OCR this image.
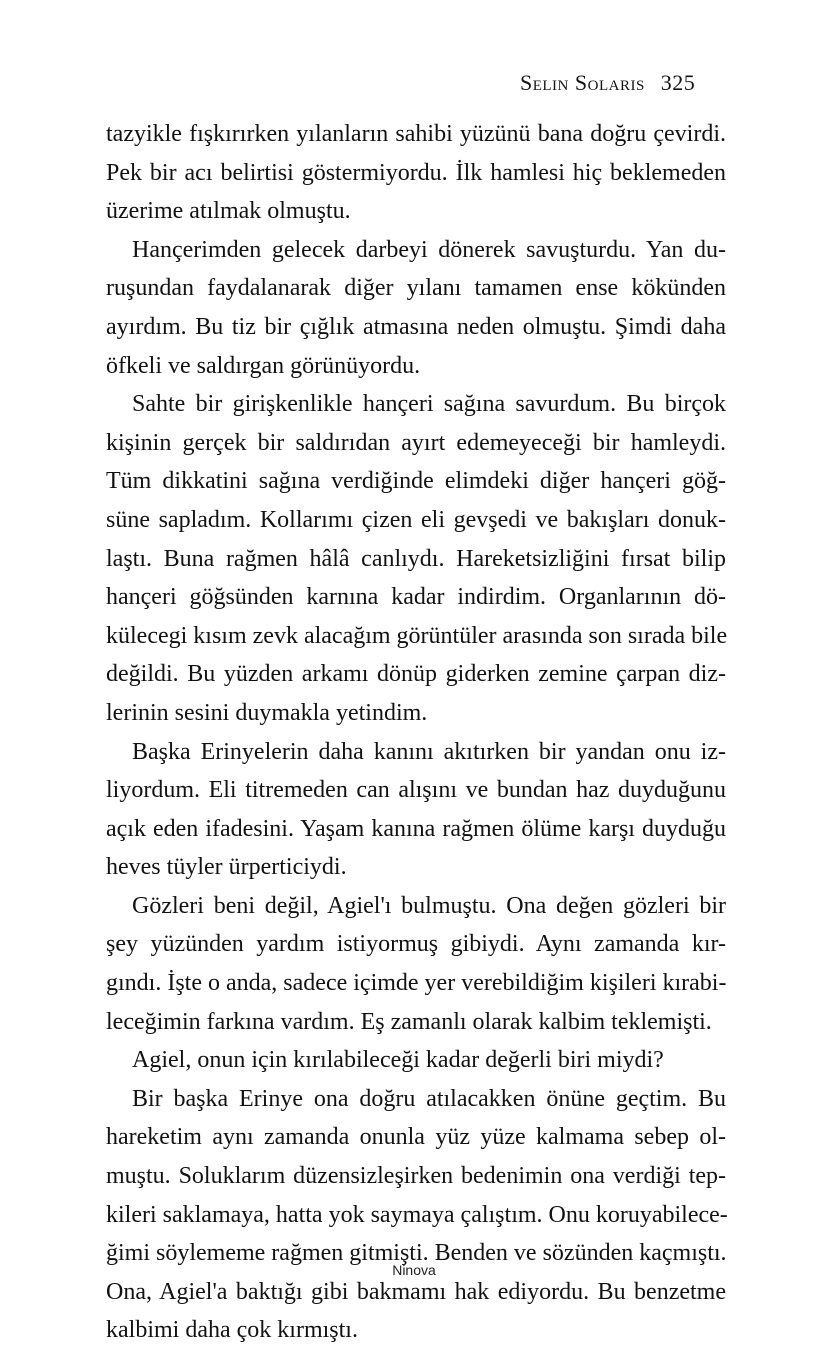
Selin Solaris 325
tazyikle fışkırırken yılanların sahibi yüzünü bana doğru çevirdi.
Pek bir acı belirtisi göstermiyordu. İlk hamlesi hiç beklemeden
üzerime atılmak olmuştu.
Hançerimden gelecek darbeyi dönerek savuşturdu. Yan du-
ruşundan faydalanarak diğer yılanı tamamen ense kökünden
ayırdım. Bu tiz bir çığlık atmasına neden olmuştu. Şimdi daha
öfkeli ve saldırgan görünüyordu.
Sahte bir girişkenlikle hançeri sağına savurdum. Bu birçok
kişinin gerçek bir saldırıdan ayırt edemeyeceği bir hamleydi.
Tüm dikkatini sağına verdiğinde elimdeki diğer hançeri göğ-
süne sapladım. Kollarımı çizen eli gevşedi ve bakışları donuk-
laştı. Buna rağmen hâlâ canlıydı. Hareketsizliğini fırsat bilip
hançeri göğsünden karnına kadar indirdim. Organlarının dö-
külecegi kısım zevk alacağım görüntüler arasında son sırada bile
değildi. Bu yüzden arkamı dönüp giderken zemine çarpan diz-
lerinin sesini duymakla yetindim.
Başka Erinyelerin daha kanını akıtırken bir yandan onu iz-
liyordum. Eli titremeden can alışını ve bundan haz duyduğunu
açık eden ifadesini. Yaşam kanına rağmen ölüme karşı duyduğu
heves tüyler ürperticiydi.
Gözleri beni değil, Agiel'ı bulmuştu. Ona değen gözleri bir
şey yüzünden yardım istiyormuş gibiydi. Aynı zamanda kır-
gındı. İşte o anda, sadece içimde yer verebildiğim kişileri kırabi-
leceğimin farkına vardım. Eş zamanlı olarak kalbim teklemişti.
Agiel, onun için kırılabileceği kadar değerli biri miydi?
Bir başka Erinye ona doğru atılacakken önüne geçtim. Bu
hareketim aynı zamanda onunla yüz yüze kalmama sebep ol-
muştu. Soluklarım düzensizleşirken bedenimin ona verdiği tep-
kileri saklamaya, hatta yok saymaya çalıştım. Onu koruyabilece-
ğimi söylememe rağmen gitmişti. Benden ve sözünden kaçmıştı.
Ona, Agiel'a baktığı gibi bakmamı hak ediyordu. Bu benzetme
kalbimi daha çok kırmıştı.
Ninova
